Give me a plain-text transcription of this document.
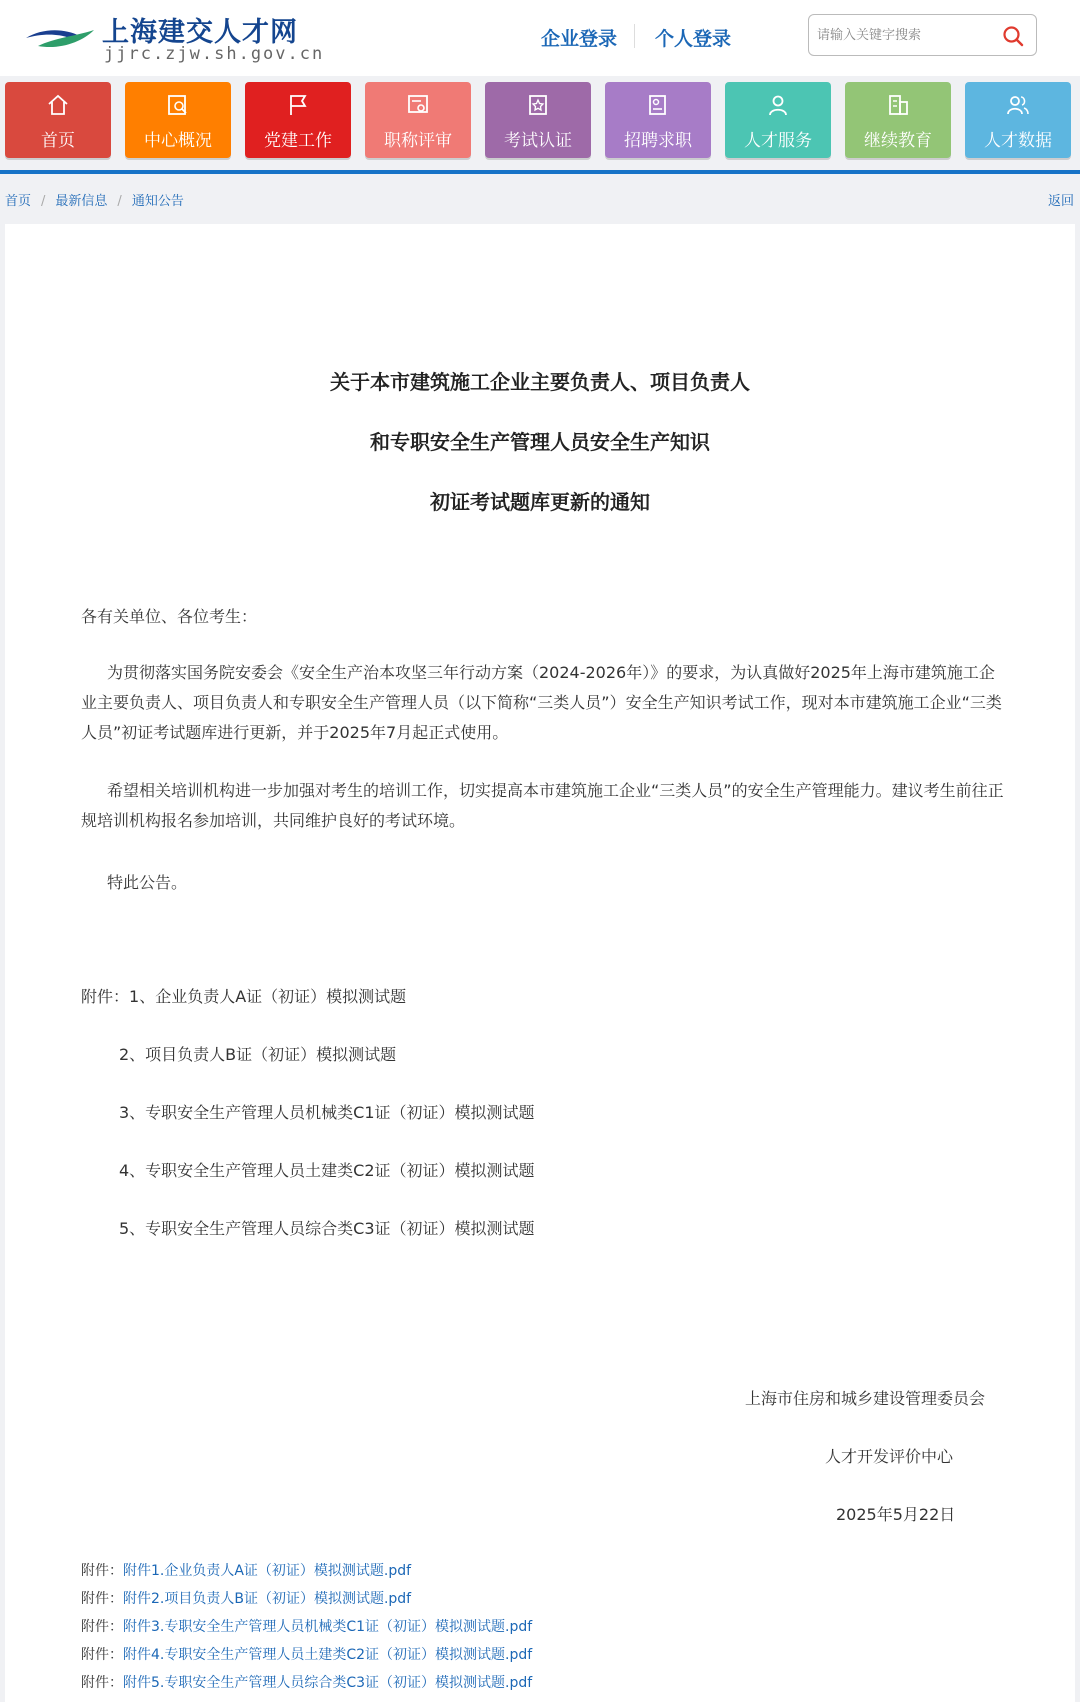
上海建交人才网
jjrc.zjw.sh.gov.cn
企业登录 个人登录
请输入关键字搜索
首页	中心概况	党建工作	职称评审	考试认证	招聘求职	人才服务	继续教育	人才数据
首页 / 最新信息 / 通知公告	返回
关于本市建筑施工企业主要负责人、项目负责人
和专职安全生产管理人员安全生产知识
初证考试题库更新的通知
各有关单位、各位考生：
为贯彻落实国务院安委会《安全生产治本攻坚三年行动方案（2024-2026年）》的要求，为认真做好2025年上海市建筑施工企业主要负责人、项目负责人和专职安全生产管理人员（以下简称“三类人员”）安全生产知识考试工作，现对本市建筑施工企业“三类人员”初证考试题库进行更新，并于2025年7月起正式使用。
希望相关培训机构进一步加强对考生的培训工作，切实提高本市建筑施工企业“三类人员”的安全生产管理能力。建议考生前往正规培训机构报名参加培训，共同维护良好的考试环境。
特此公告。
附件：1、企业负责人A证（初证）模拟测试题
2、项目负责人B证（初证）模拟测试题
3、专职安全生产管理人员机械类C1证（初证）模拟测试题
4、专职安全生产管理人员土建类C2证（初证）模拟测试题
5、专职安全生产管理人员综合类C3证（初证）模拟测试题
上海市住房和城乡建设管理委员会
人才开发评价中心
2025年5月22日
附件：附件1.企业负责人A证（初证）模拟测试题.pdf
附件：附件2.项目负责人B证（初证）模拟测试题.pdf
附件：附件3.专职安全生产管理人员机械类C1证（初证）模拟测试题.pdf
附件：附件4.专职安全生产管理人员土建类C2证（初证）模拟测试题.pdf
附件：附件5.专职安全生产管理人员综合类C3证（初证）模拟测试题.pdf
